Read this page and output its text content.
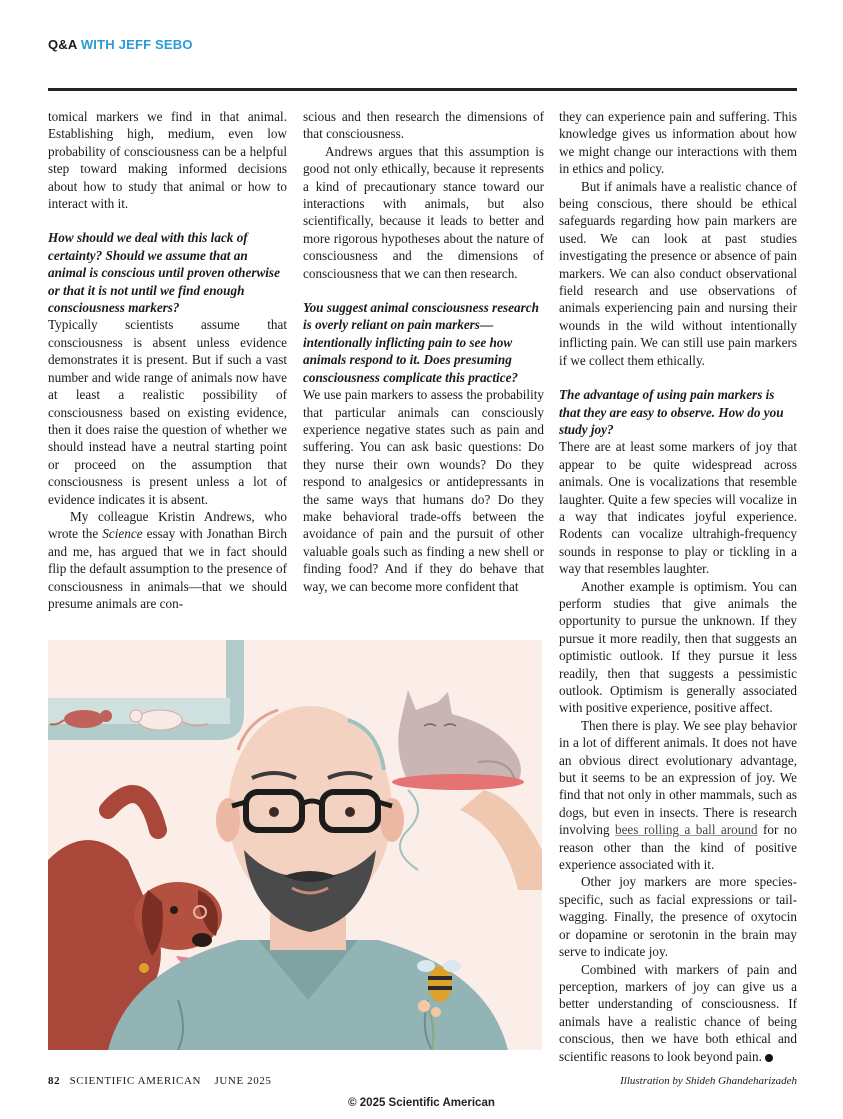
Q&A WITH JEFF SEBO

tomical markers we find in that animal. Establishing high, medium, even low probability of consciousness can be a helpful step toward making informed decisions about how to study that animal or how to interact with it.

How should we deal with this lack of certainty? Should we assume that an animal is conscious until proven otherwise or that it is not until we find enough consciousness markers?

Typically scientists assume that consciousness is absent unless evidence demonstrates it is present. But if such a vast number and wide range of animals now have at least a realistic possibility of consciousness based on existing evidence, then it does raise the question of whether we should instead have a neutral starting point or proceed on the assumption that consciousness is present unless a lot of evidence indicates it is absent.

My colleague Kristin Andrews, who wrote the Science essay with Jonathan Birch and me, has argued that we in fact should flip the default assumption to the presence of consciousness in animals—that we should presume animals are con-

scious and then research the dimensions of that consciousness.

Andrews argues that this assumption is good not only ethically, because it represents a kind of precautionary stance toward our interactions with animals, but also scientifically, because it leads to better and more rigorous hypotheses about the nature of consciousness and the dimensions of consciousness that we can then research.

You suggest animal consciousness research is overly reliant on pain markers—intentionally inflicting pain to see how animals respond to it. Does presuming consciousness complicate this practice?

We use pain markers to assess the probability that particular animals can consciously experience negative states such as pain and suffering. You can ask basic questions: Do they nurse their own wounds? Do they respond to analgesics or antidepressants in the same ways that humans do? Do they make behavioral trade-offs between the avoidance of pain and the pursuit of other valuable goals such as finding a new shell or finding food? And if they do behave that way, we can become more confident that

they can experience pain and suffering. This knowledge gives us information about how we might change our interactions with them in ethics and policy.

But if animals have a realistic chance of being conscious, there should be ethical safeguards regarding how pain markers are used. We can look at past studies investigating the presence or absence of pain markers. We can also conduct observational field research and use observations of animals experiencing pain and nursing their wounds in the wild without intentionally inflicting pain. We can still use pain markers if we collect them ethically.

The advantage of using pain markers is that they are easy to observe. How do you study joy?

There are at least some markers of joy that appear to be quite widespread across animals. One is vocalizations that resemble laughter. Quite a few species will vocalize in a way that indicates joyful experience. Rodents can vocalize ultrahigh-frequency sounds in response to play or tickling in a way that resembles laughter.

Another example is optimism. You can perform studies that give animals the opportunity to pursue the unknown. If they pursue it more readily, then that suggests an optimistic outlook. If they pursue it less readily, then that suggests a pessimistic outlook. Optimism is generally associated with positive experience, positive affect.

Then there is play. We see play behavior in a lot of different animals. It does not have an obvious direct evolutionary advantage, but it seems to be an expression of joy. We find that not only in other mammals, such as dogs, but even in insects. There is research involving bees rolling a ball around for no reason other than the kind of positive experience associated with it.

Other joy markers are more species-specific, such as facial expressions or tail-wagging. Finally, the presence of oxytocin or dopamine or serotonin in the brain may serve to indicate joy.

Combined with markers of pain and perception, markers of joy can give us a better understanding of consciousness. If animals have a realistic chance of being conscious, then we have both ethical and scientific reasons to look beyond pain.

82 SCIENTIFIC AMERICAN JUNE 2025	Illustration by Shideh Ghandeharizadeh
© 2025 Scientific American
